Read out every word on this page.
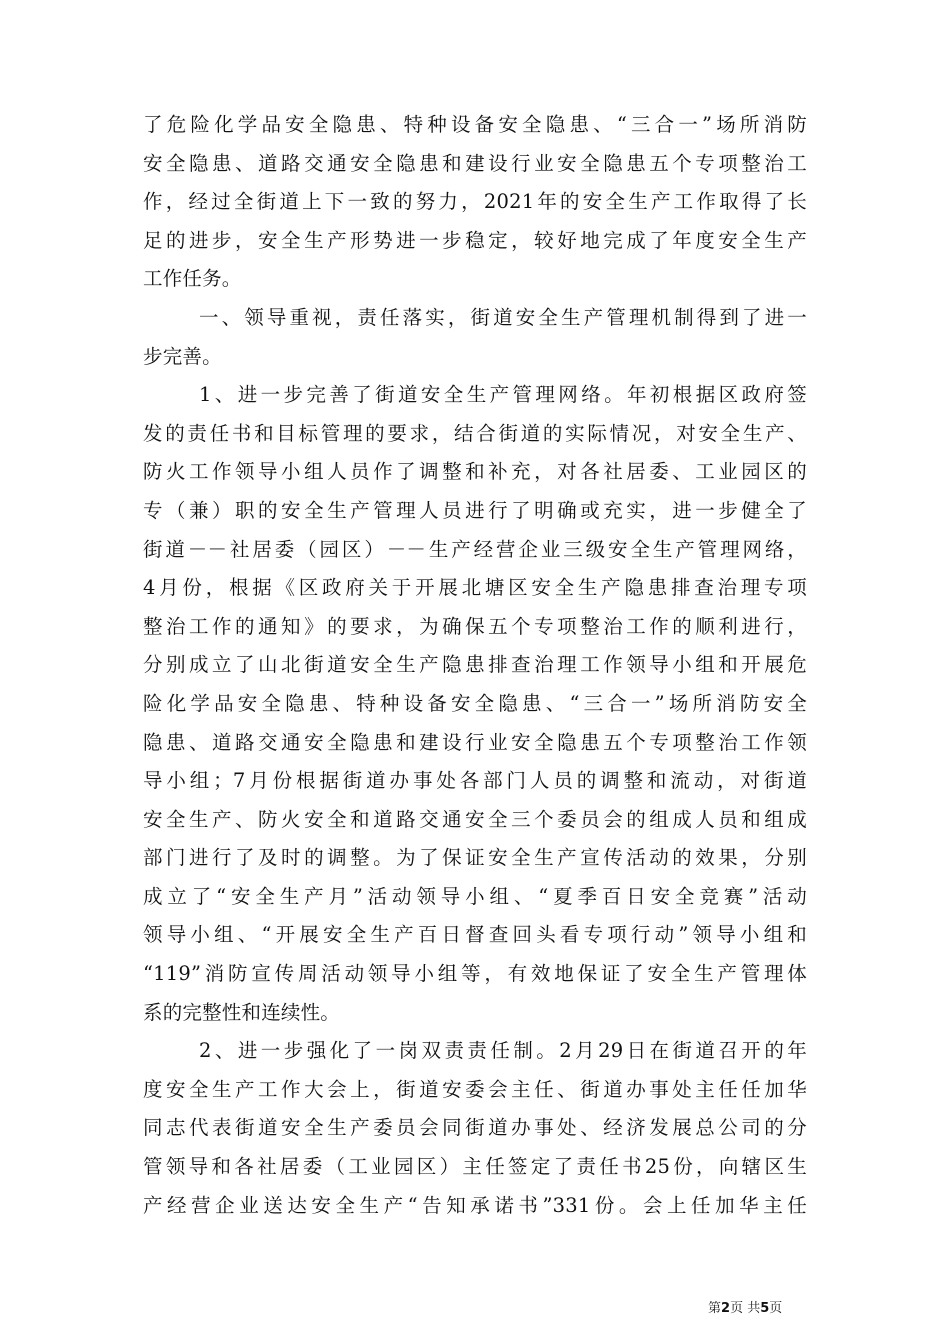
了危险化学品安全隐患、特种设备安全隐患、“三合一”场所消防
安全隐患、道路交通安全隐患和建设行业安全隐患五个专项整治工
作，经过全街道上下一致的努力，2021年的安全生产工作取得了长
足的进步，安全生产形势进一步稳定，较好地完成了年度安全生产
工作任务。
一、领导重视，责任落实，街道安全生产管理机制得到了进一
步完善。
1、进一步完善了街道安全生产管理网络。年初根据区政府签
发的责任书和目标管理的要求，结合街道的实际情况，对安全生产、
防火工作领导小组人员作了调整和补充，对各社居委、工业园区的
专（兼）职的安全生产管理人员进行了明确或充实，进一步健全了
街道－－社居委（园区）－－生产经营企业三级安全生产管理网络，
4月份，根据《区政府关于开展北塘区安全生产隐患排查治理专项
整治工作的通知》的要求，为确保五个专项整治工作的顺利进行，
分别成立了山北街道安全生产隐患排查治理工作领导小组和开展危
险化学品安全隐患、特种设备安全隐患、“三合一”场所消防安全
隐患、道路交通安全隐患和建设行业安全隐患五个专项整治工作领
导小组；7月份根据街道办事处各部门人员的调整和流动，对街道
安全生产、防火安全和道路交通安全三个委员会的组成人员和组成
部门进行了及时的调整。为了保证安全生产宣传活动的效果，分别
成立了“安全生产月”活动领导小组、“夏季百日安全竞赛”活动
领导小组、“开展安全生产百日督查回头看专项行动”领导小组和
“119”消防宣传周活动领导小组等，有效地保证了安全生产管理体
系的完整性和连续性。
2、进一步强化了一岗双责责任制。2月29日在街道召开的年
度安全生产工作大会上，街道安委会主任、街道办事处主任任加华
同志代表街道安全生产委员会同街道办事处、经济发展总公司的分
管领导和各社居委（工业园区）主任签定了责任书25份，向辖区生
产经营企业送达安全生产“告知承诺书”331份。会上任加华主任
第2页 共5页
